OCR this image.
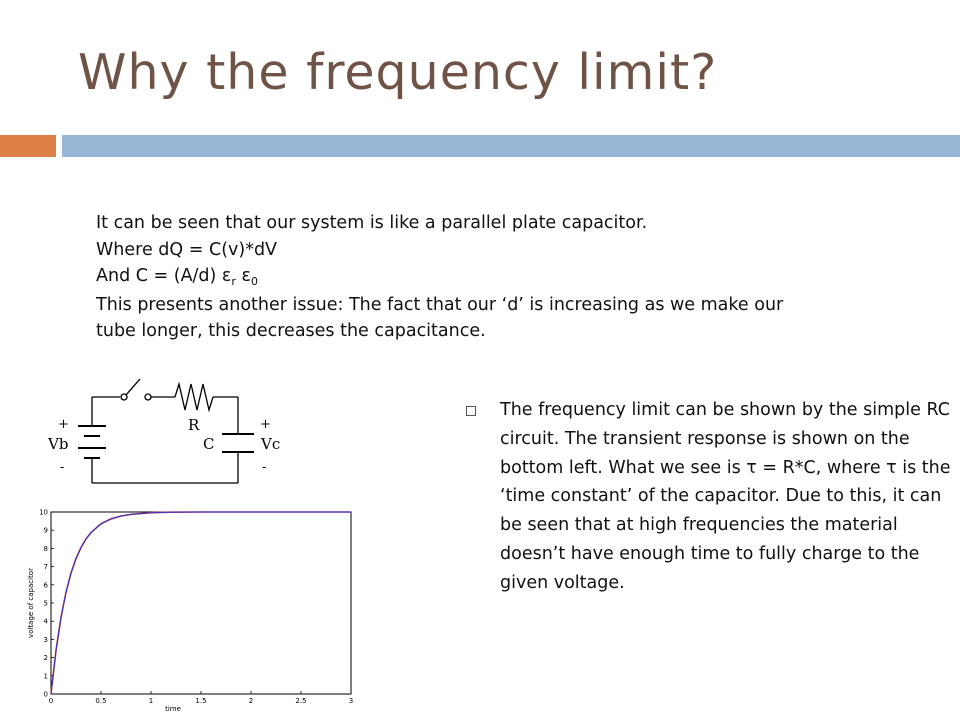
Why the frequency limit?
It can be seen that our system is like a parallel plate capacitor.
Where dQ = C(v)*dV
And C = (A/d) $\varepsilon_r$ $\varepsilon_0$
This presents another issue: The fact that our ‘d’ is increasing as we make our
tube longer, this decreases the capacitance.
R
C
Vb	Vc
+
-
+
-
0	0.5	1	1.5	2	2.5	3
0
1
2
3
4
5
6
7
8
9
10
time
voltage of capacitor
The frequency limit can be shown by the simple RC circuit. The transient response is shown on the bottom left. What we see is τ = R*C, where τ is the ‘time constant’ of the capacitor. Due to this, it can be seen that at high frequencies the material doesn’t have enough time to fully charge to the given voltage.
